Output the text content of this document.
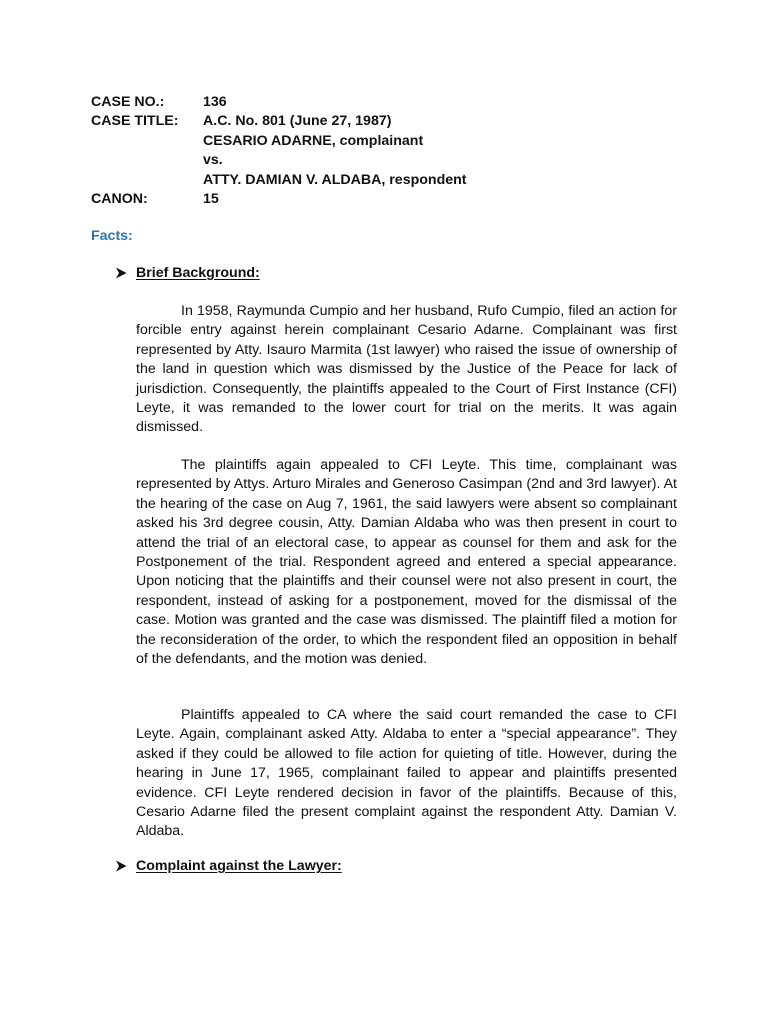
CASE NO.:	136
CASE TITLE:	A.C. No. 801 (June 27, 1987)
CESARIO ADARNE, complainant
vs.
ATTY. DAMIAN V. ALDABA, respondent
CANON:	15
Facts:
Brief Background:
In 1958, Raymunda Cumpio and her husband, Rufo Cumpio, filed an action for forcible entry against herein complainant Cesario Adarne. Complainant was first represented by Atty. Isauro Marmita (1st lawyer) who raised the issue of ownership of the land in question which was dismissed by the Justice of the Peace for lack of jurisdiction. Consequently, the plaintiffs appealed to the Court of First Instance (CFI) Leyte, it was remanded to the lower court for trial on the merits. It was again dismissed.
The plaintiffs again appealed to CFI Leyte. This time, complainant was represented by Attys. Arturo Mirales and Generoso Casimpan (2nd and 3rd lawyer). At the hearing of the case on Aug 7, 1961, the said lawyers were absent so complainant asked his 3rd degree cousin, Atty. Damian Aldaba who was then present in court to attend the trial of an electoral case, to appear as counsel for them and ask for the Postponement of the trial. Respondent agreed and entered a special appearance. Upon noticing that the plaintiffs and their counsel were not also present in court, the respondent, instead of asking for a postponement, moved for the dismissal of the case. Motion was granted and the case was dismissed. The plaintiff filed a motion for the reconsideration of the order, to which the respondent filed an opposition in behalf of the defendants, and the motion was denied.
Plaintiffs appealed to CA where the said court remanded the case to CFI Leyte. Again, complainant asked Atty. Aldaba to enter a “special appearance”. They asked if they could be allowed to file action for quieting of title. However, during the hearing in June 17, 1965, complainant failed to appear and plaintiffs presented evidence. CFI Leyte rendered decision in favor of the plaintiffs. Because of this, Cesario Adarne filed the present complaint against the respondent Atty. Damian V. Aldaba.
Complaint against the Lawyer:
